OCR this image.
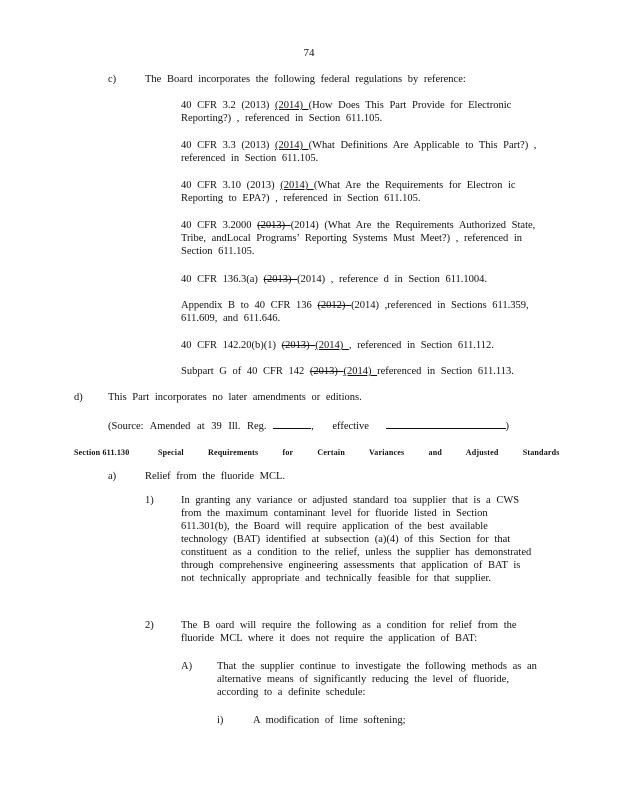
74
c)	The Board incorporates the following federal regulations by reference:
40 CFR 3.2 (2013) (2014) (How Does This Part Provide for Electronic Reporting?) , referenced in Section 611.105.
40 CFR 3.3 (2013) (2014) (What Definitions Are Applicable to This Part?) , referenced in Section 611.105.
40 CFR 3.10 (2013) (2014) (What Are the Requirements for Electron ic Reporting to EPA?) , referenced in Section 611.105.
40 CFR 3.2000 (2013) (2014) (What Are the Requirements Authorized State, Tribe, andLocal Programs’ Reporting Systems Must Meet?) , referenced in Section 611.105.
40 CFR 136.3(a) (2013) (2014) , reference d in Section 611.1004.
Appendix B to 40 CFR 136 (2012) (2014) ,referenced in Sections 611.359, 611.609, and 611.646.
40 CFR 142.20(b)(1) (2013) (2014) , referenced in Section 611.112.
Subpart G of 40 CFR 142 (2013) (2014) referenced in Section 611.113.
d) This Part incorporates no later amendments or editions.
(Source: Amended at 39 Ill. Reg.	, effective	)
Section 611.130	Special Requirements for Certain Variances and Adjusted Standards
a)	Relief from the fluoride MCL.
1)	In granting any variance or adjusted standard toa supplier that is a CWS from the maximum contaminant level for fluoride listed in Section 611.301(b), the Board will require application of the best available technology (BAT) identified at subsection (a)(4) of this Section for that constituent as a condition to the relief, unless the supplier has demonstrated through comprehensive engineering assessments that application of BAT is not technically appropriate and technically feasible for that supplier.
2)	The B oard will require the following as a condition for relief from the fluoride MCL where it does not require the application of BAT:
A) That the supplier continue to investigate the following methods as an alternative means of significantly reducing the level of fluoride, according to a definite schedule:
i)	A modification of lime softening;
